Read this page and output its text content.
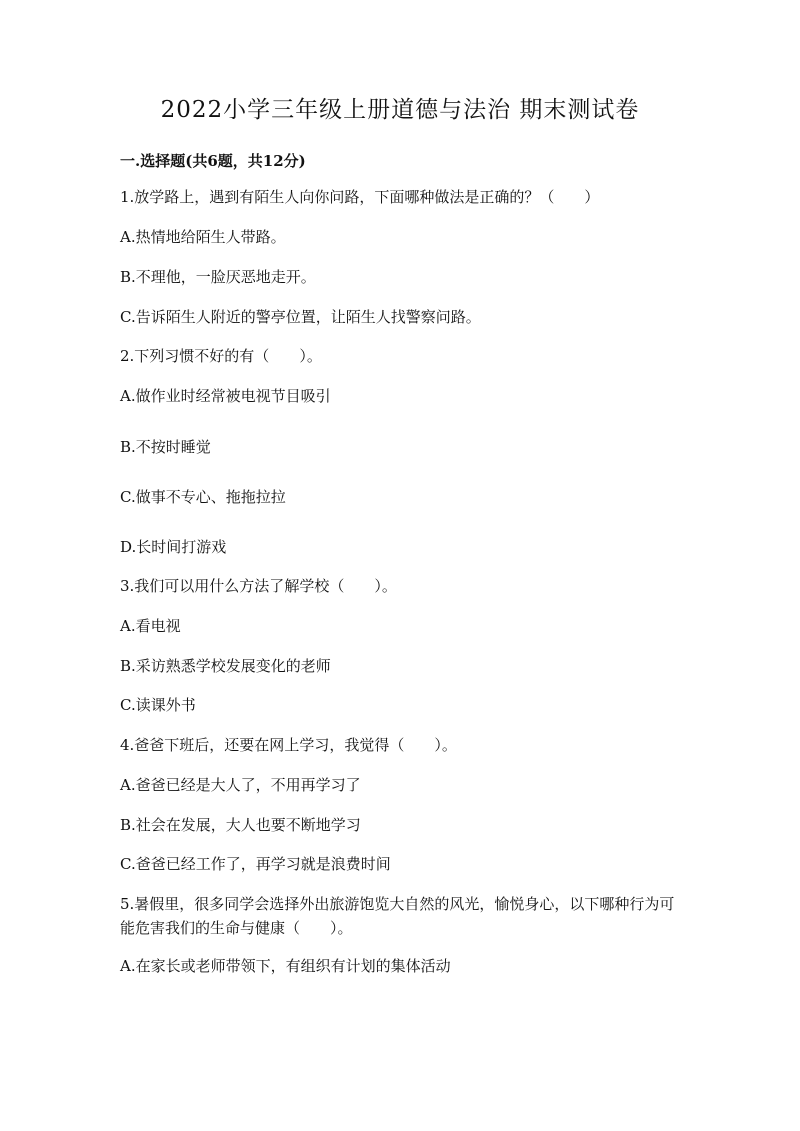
2022小学三年级上册道德与法治 期末测试卷
一.选择题(共6题，共12分)
1.放学路上，遇到有陌生人向你问路，下面哪种做法是正确的？（　　）
A.热情地给陌生人带路。
B.不理他，一脸厌恶地走开。
C.告诉陌生人附近的警亭位置，让陌生人找警察问路。
2.下列习惯不好的有（　　）。
A.做作业时经常被电视节目吸引
B.不按时睡觉
C.做事不专心、拖拖拉拉
D.长时间打游戏
3.我们可以用什么方法了解学校（　　）。
A.看电视
B.采访熟悉学校发展变化的老师
C.读课外书
4.爸爸下班后，还要在网上学习，我觉得（　　）。
A.爸爸已经是大人了，不用再学习了
B.社会在发展，大人也要不断地学习
C.爸爸已经工作了，再学习就是浪费时间
5.暑假里，很多同学会选择外出旅游饱览大自然的风光，愉悦身心，以下哪种行为可能危害我们的生命与健康（　　）。
A.在家长或老师带领下，有组织有计划的集体活动
